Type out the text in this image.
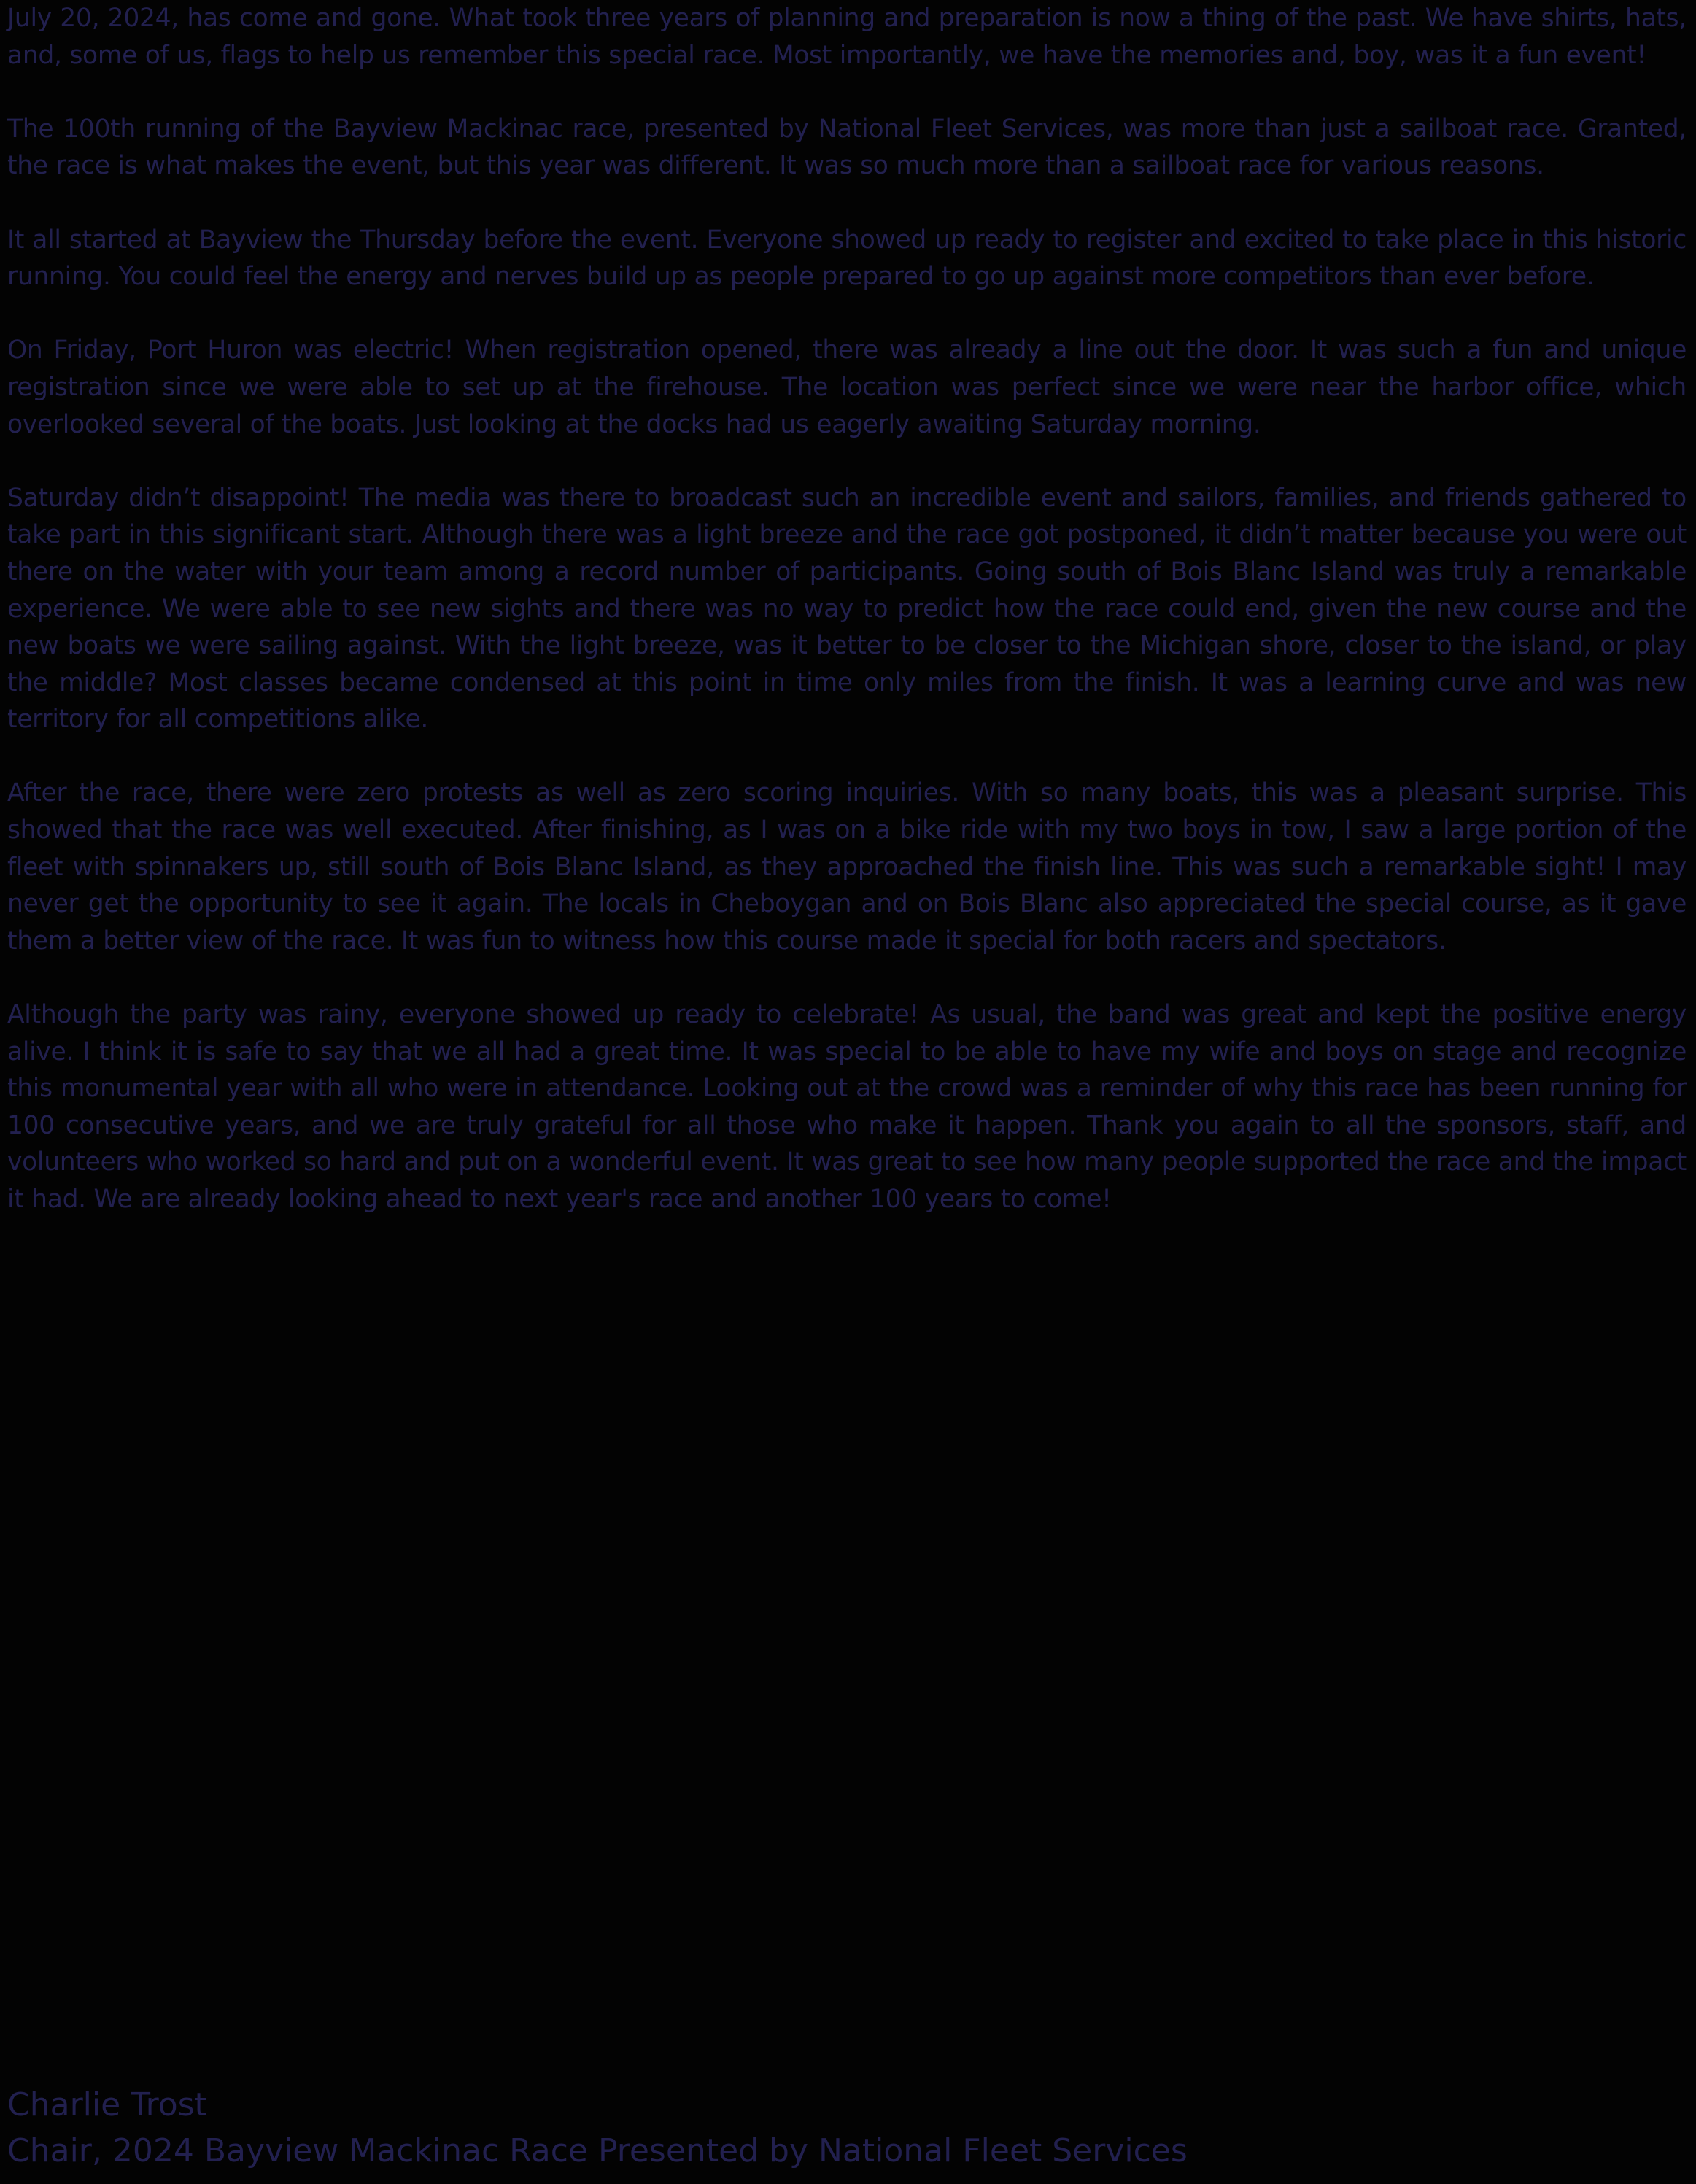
July 20, 2024, has come and gone. What took three years of planning and preparation is now a thing of the past. We have shirts, hats, and, some of us, flags to help us remember this special race. Most importantly, we have the memories and, boy, was it a fun event!

The 100th running of the Bayview Mackinac race, presented by National Fleet Services, was more than just a sailboat race. Granted, the race is what makes the event, but this year was different. It was so much more than a sailboat race for various reasons.

It all started at Bayview the Thursday before the event. Everyone showed up ready to register and excited to take place in this historic running. You could feel the energy and nerves build up as people prepared to go up against more competitors than ever before.

On Friday, Port Huron was electric! When registration opened, there was already a line out the door. It was such a fun and unique registration since we were able to set up at the firehouse. The location was perfect since we were near the harbor office, which overlooked several of the boats. Just looking at the docks had us eagerly awaiting Saturday morning.

Saturday didn’t disappoint! The media was there to broadcast such an incredible event and sailors, families, and friends gathered to take part in this significant start. Although there was a light breeze and the race got postponed, it didn’t matter because you were out there on the water with your team among a record number of participants. Going south of Bois Blanc Island was truly a remarkable experience. We were able to see new sights and there was no way to predict how the race could end, given the new course and the new boats we were sailing against. With the light breeze, was it better to be closer to the Michigan shore, closer to the island, or play the middle? Most classes became condensed at this point in time only miles from the finish. It was a learning curve and was new territory for all competitions alike.

After the race, there were zero protests as well as zero scoring inquiries. With so many boats, this was a pleasant surprise. This showed that the race was well executed. After finishing, as I was on a bike ride with my two boys in tow, I saw a large portion of the fleet with spinnakers up, still south of Bois Blanc Island, as they approached the finish line. This was such a remarkable sight! I may never get the opportunity to see it again. The locals in Cheboygan and on Bois Blanc also appreciated the special course, as it gave them a better view of the race. It was fun to witness how this course made it special for both racers and spectators.

Although the party was rainy, everyone showed up ready to celebrate! As usual, the band was great and kept the positive energy alive. I think it is safe to say that we all had a great time. It was special to be able to have my wife and boys on stage and recognize this monumental year with all who were in attendance. Looking out at the crowd was a reminder of why this race has been running for 100 consecutive years, and we are truly grateful for all those who make it happen. Thank you again to all the sponsors, staff, and volunteers who worked so hard and put on a wonderful event. It was great to see how many people supported the race and the impact it had. We are already looking ahead to next year's race and another 100 years to come!

Charlie Trost
Chair, 2024 Bayview Mackinac Race Presented by National Fleet Services
